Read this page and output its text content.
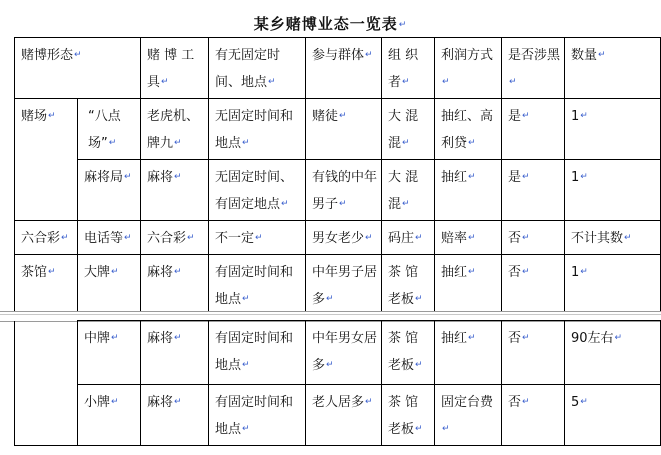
某乡赌博业态一览表↵
赌博形态↵		赌 博 工 具↵	有无固定时间、地点↵	参与群体↵	组 织 者↵	利润方式↵	是否涉黑↵	数量↵
赌场↵	“八点场”↵	老虎机、牌九↵	无固定时间和地点↵	赌徒↵	大 混 混↵	抽红、高利贷↵	是↵	1↵
	麻将局↵	麻将↵	无固定时间、有固定地点↵	有钱的中年男子↵	大 混 混↵	抽红↵	是↵	1↵
六合彩↵	电话等↵	六合彩↵	不一定↵	男女老少↵	码庄↵	赔率↵	否↵	不计其数↵
茶馆↵	大牌↵	麻将↵	有固定时间和地点↵	中年男子居多↵	茶 馆 老板↵	抽红↵	否↵	1↵
	中牌↵	麻将↵	有固定时间和地点↵	中年男女居多↵	茶 馆 老板↵	抽红↵	否↵	90左右↵
	小牌↵	麻将↵	有固定时间和地点↵	老人居多↵	茶 馆 老板↵	固定台费↵	否↵	5↵
